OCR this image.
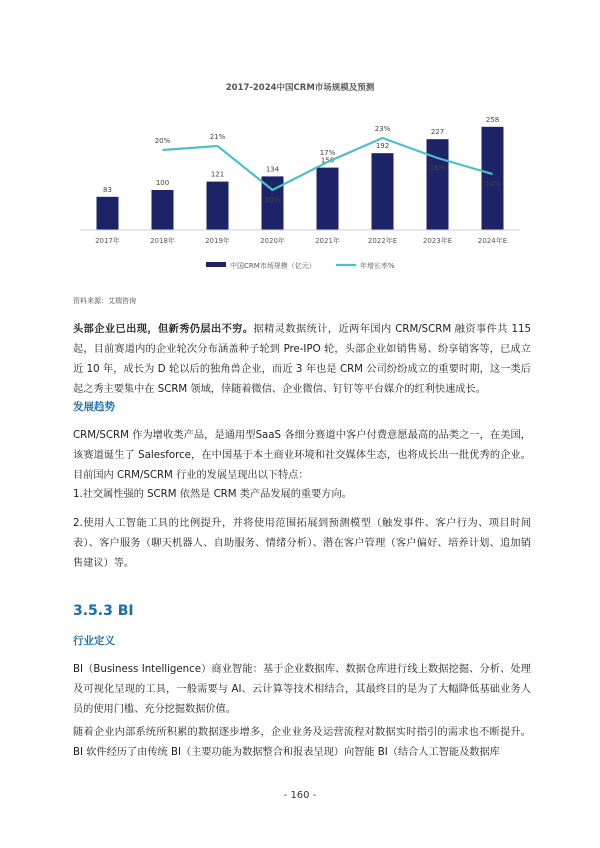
2017-2024中国CRM市场规模及预测
83
100
121
134
156
192
227
258
20%	21%
10%
17%
23%
18%
14%
2017年	2018年	2019年	2020年	2021年	2022年E	2023年E	2024年E
中国CRM市场规模（亿元）	年增长率%
资料来源：艾瑞咨询
头部企业已出现，但新秀仍层出不穷。据精灵数据统计，近两年国内 CRM/SCRM 融资事件共 115 起，目前赛道内的企业轮次分布涵盖种子轮到 Pre-IPO 轮，头部企业如销售易、纷享销客等，已成立近 10 年，成长为 D 轮以后的独角兽企业，而近 3 年也是 CRM 公司纷纷成立的重要时期，这一类后起之秀主要集中在 SCRM 领域，倖随着微信、企业微信、钉钉等平台媒介的红利快速成长。
发展趋势
CRM/SCRM 作为增收类产品，是通用型SaaS 各细分赛道中客户付费意愿最高的品类之一，在美国，该赛道诞生了 Salesforce，在中国基于本土商业环境和社交媒体生态，也将成长出一批优秀的企业。目前国内 CRM/SCRM 行业的发展呈现出以下特点：
1.社交属性强的 SCRM 依然是 CRM 类产品发展的重要方向。
2.使用人工智能工具的比例提升，并将使用范围拓展到预测模型（触发事件、客户行为、项目时间表）、客户服务（聊天机器人、自助服务、情绪分析）、潜在客户管理（客户偏好、培养计划、追加销售建议）等。
3.5.3 BI
行业定义
BI（Business Intelligence）商业智能：基于企业数据库、数据仓库进行线上数据挖掘、分析、处理及可视化呈现的工具，一般需要与 AI、云计算等技术相结合，其最终目的是为了大幅降低基础业务人员的使用门槛、充分挖掘数据价值。
随着企业内部系统所积累的数据逐步增多，企业业务及运营流程对数据实时指引的需求也不断提升。BI 软件经历了由传统 BI（主要功能为数据整合和报表呈现）向智能 BI（结合人工智能及数据库
- 160 -
